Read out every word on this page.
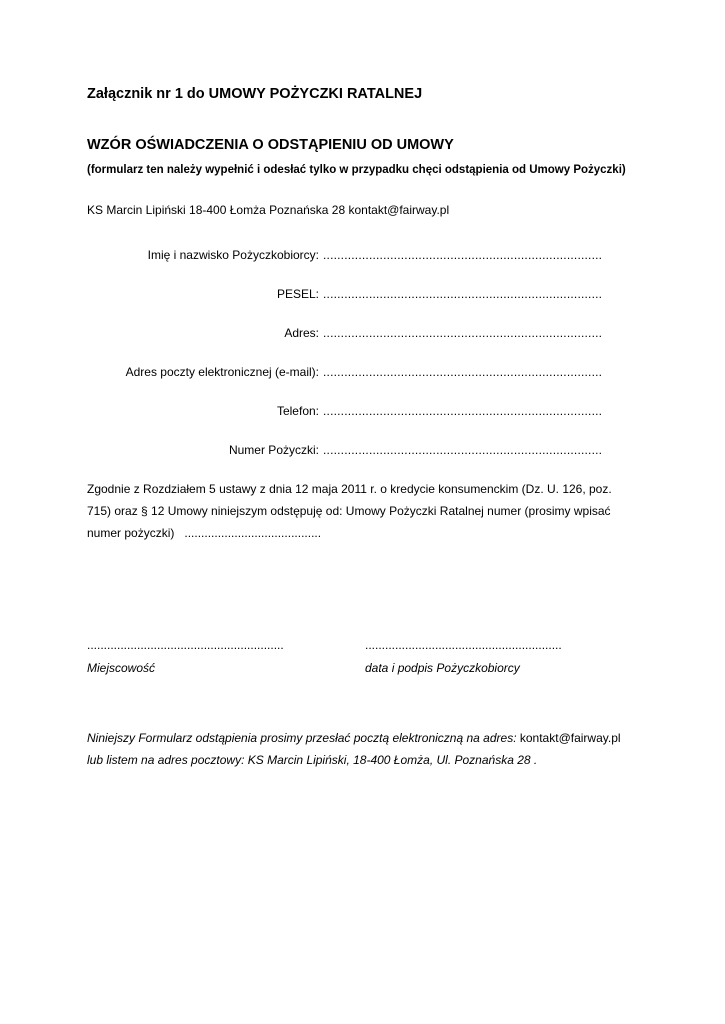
Załącznik nr 1 do UMOWY POŻYCZKI RATALNEJ
WZÓR OŚWIADCZENIA O ODSTĄPIENIU OD UMOWY
(formularz ten należy wypełnić i odesłać tylko w przypadku chęci odstąpienia od Umowy Pożyczki)
KS Marcin Lipiński 18-400 Łomża Poznańska 28 kontakt@fairway.pl
Imię i nazwisko Pożyczkobiorcy: ...............................................................................
PESEL: ...............................................................................
Adres: ...............................................................................
Adres poczty elektronicznej (e-mail): ...............................................................................
Telefon: ...............................................................................
Numer Pożyczki: ...............................................................................
Zgodnie z Rozdziałem 5 ustawy z dnia 12 maja 2011 r. o kredycie konsumenckim (Dz. U. 126, poz. 715) oraz § 12 Umowy niniejszym odstępuję od: Umowy Pożyczki Ratalnej numer (prosimy wpisać numer pożyczki) .........................................
...........................................................	...........................................................
Miejscowość	data i podpis Pożyczkobiorcy
Niniejszy Formularz odstąpienia prosimy przesłać pocztą elektroniczną na adres: kontakt@fairway.pl
lub listem na adres pocztowy: KS Marcin Lipiński, 18-400 Łomża, Ul. Poznańska 28 .
